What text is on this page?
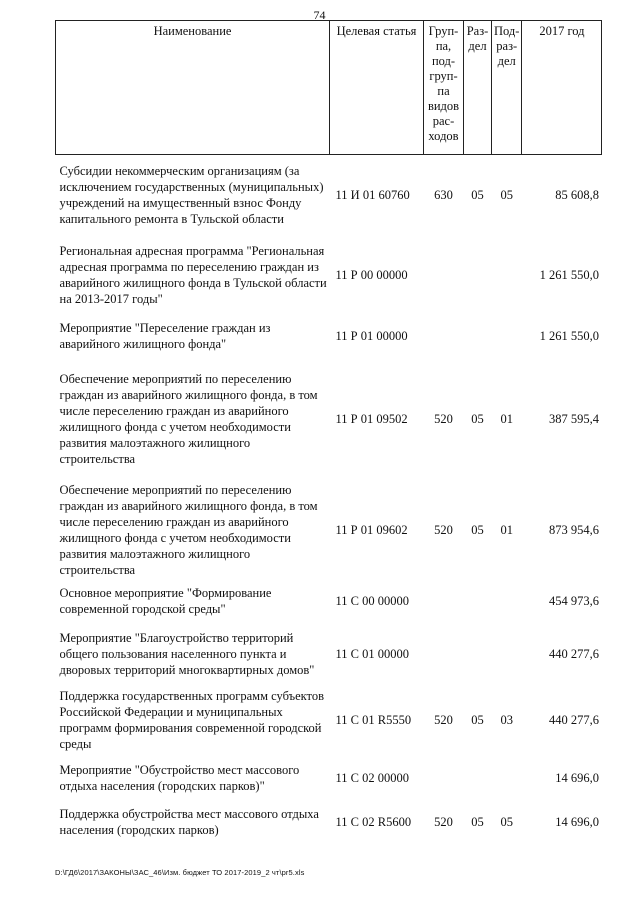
74
Наименование	Целевая статья	Груп-па, под-груп-па видов рас-ходов	Раз-дел	Под-раз-дел	2017 год
Субсидии некоммерческим организациям (за исключением государственных (муниципальных) учреждений на имущественный взнос Фонду капитального ремонта в Тульской области	11 И 01 60760	630	05	05	85 608,8
Региональная адресная программа "Региональная адресная программа по переселению граждан из аварийного жилищного фонда в Тульской области на 2013-2017 годы"	11 Р 00 00000				1 261 550,0
Мероприятие "Переселение граждан из аварийного жилищного фонда"	11 Р 01 00000				1 261 550,0
Обеспечение мероприятий по переселению граждан из аварийного жилищного фонда, в том числе переселению граждан из аварийного жилищного фонда с учетом необходимости развития малоэтажного жилищного строительства	11 Р 01 09502	520	05	01	387 595,4
Обеспечение мероприятий по переселению граждан из аварийного жилищного фонда, в том числе переселению граждан из аварийного жилищного фонда с учетом необходимости развития малоэтажного жилищного строительства	11 Р 01 09602	520	05	01	873 954,6
Основное мероприятие "Формирование современной городской среды"	11 С 00 00000				454 973,6
Мероприятие "Благоустройство территорий общего пользования населенного пункта и дворовых территорий многоквартирных домов"	11 С 01 00000				440 277,6
Поддержка государственных программ субъектов Российской Федерации и муниципальных программ формирования современной городской среды	11 С 01 R5550	520	05	03	440 277,6
Мероприятие "Обустройство мест массового отдыха населения (городских парков)"	11 С 02 00000				14 696,0
Поддержка обустройства мест массового отдыха населения (городских парков)	11 С 02 R5600	520	05	05	14 696,0
D:\ГД6\2017\ЗАКОНЫ\ЗАС_46\Изм. бюджет ТО 2017-2019_2 чт\pr5.xls
